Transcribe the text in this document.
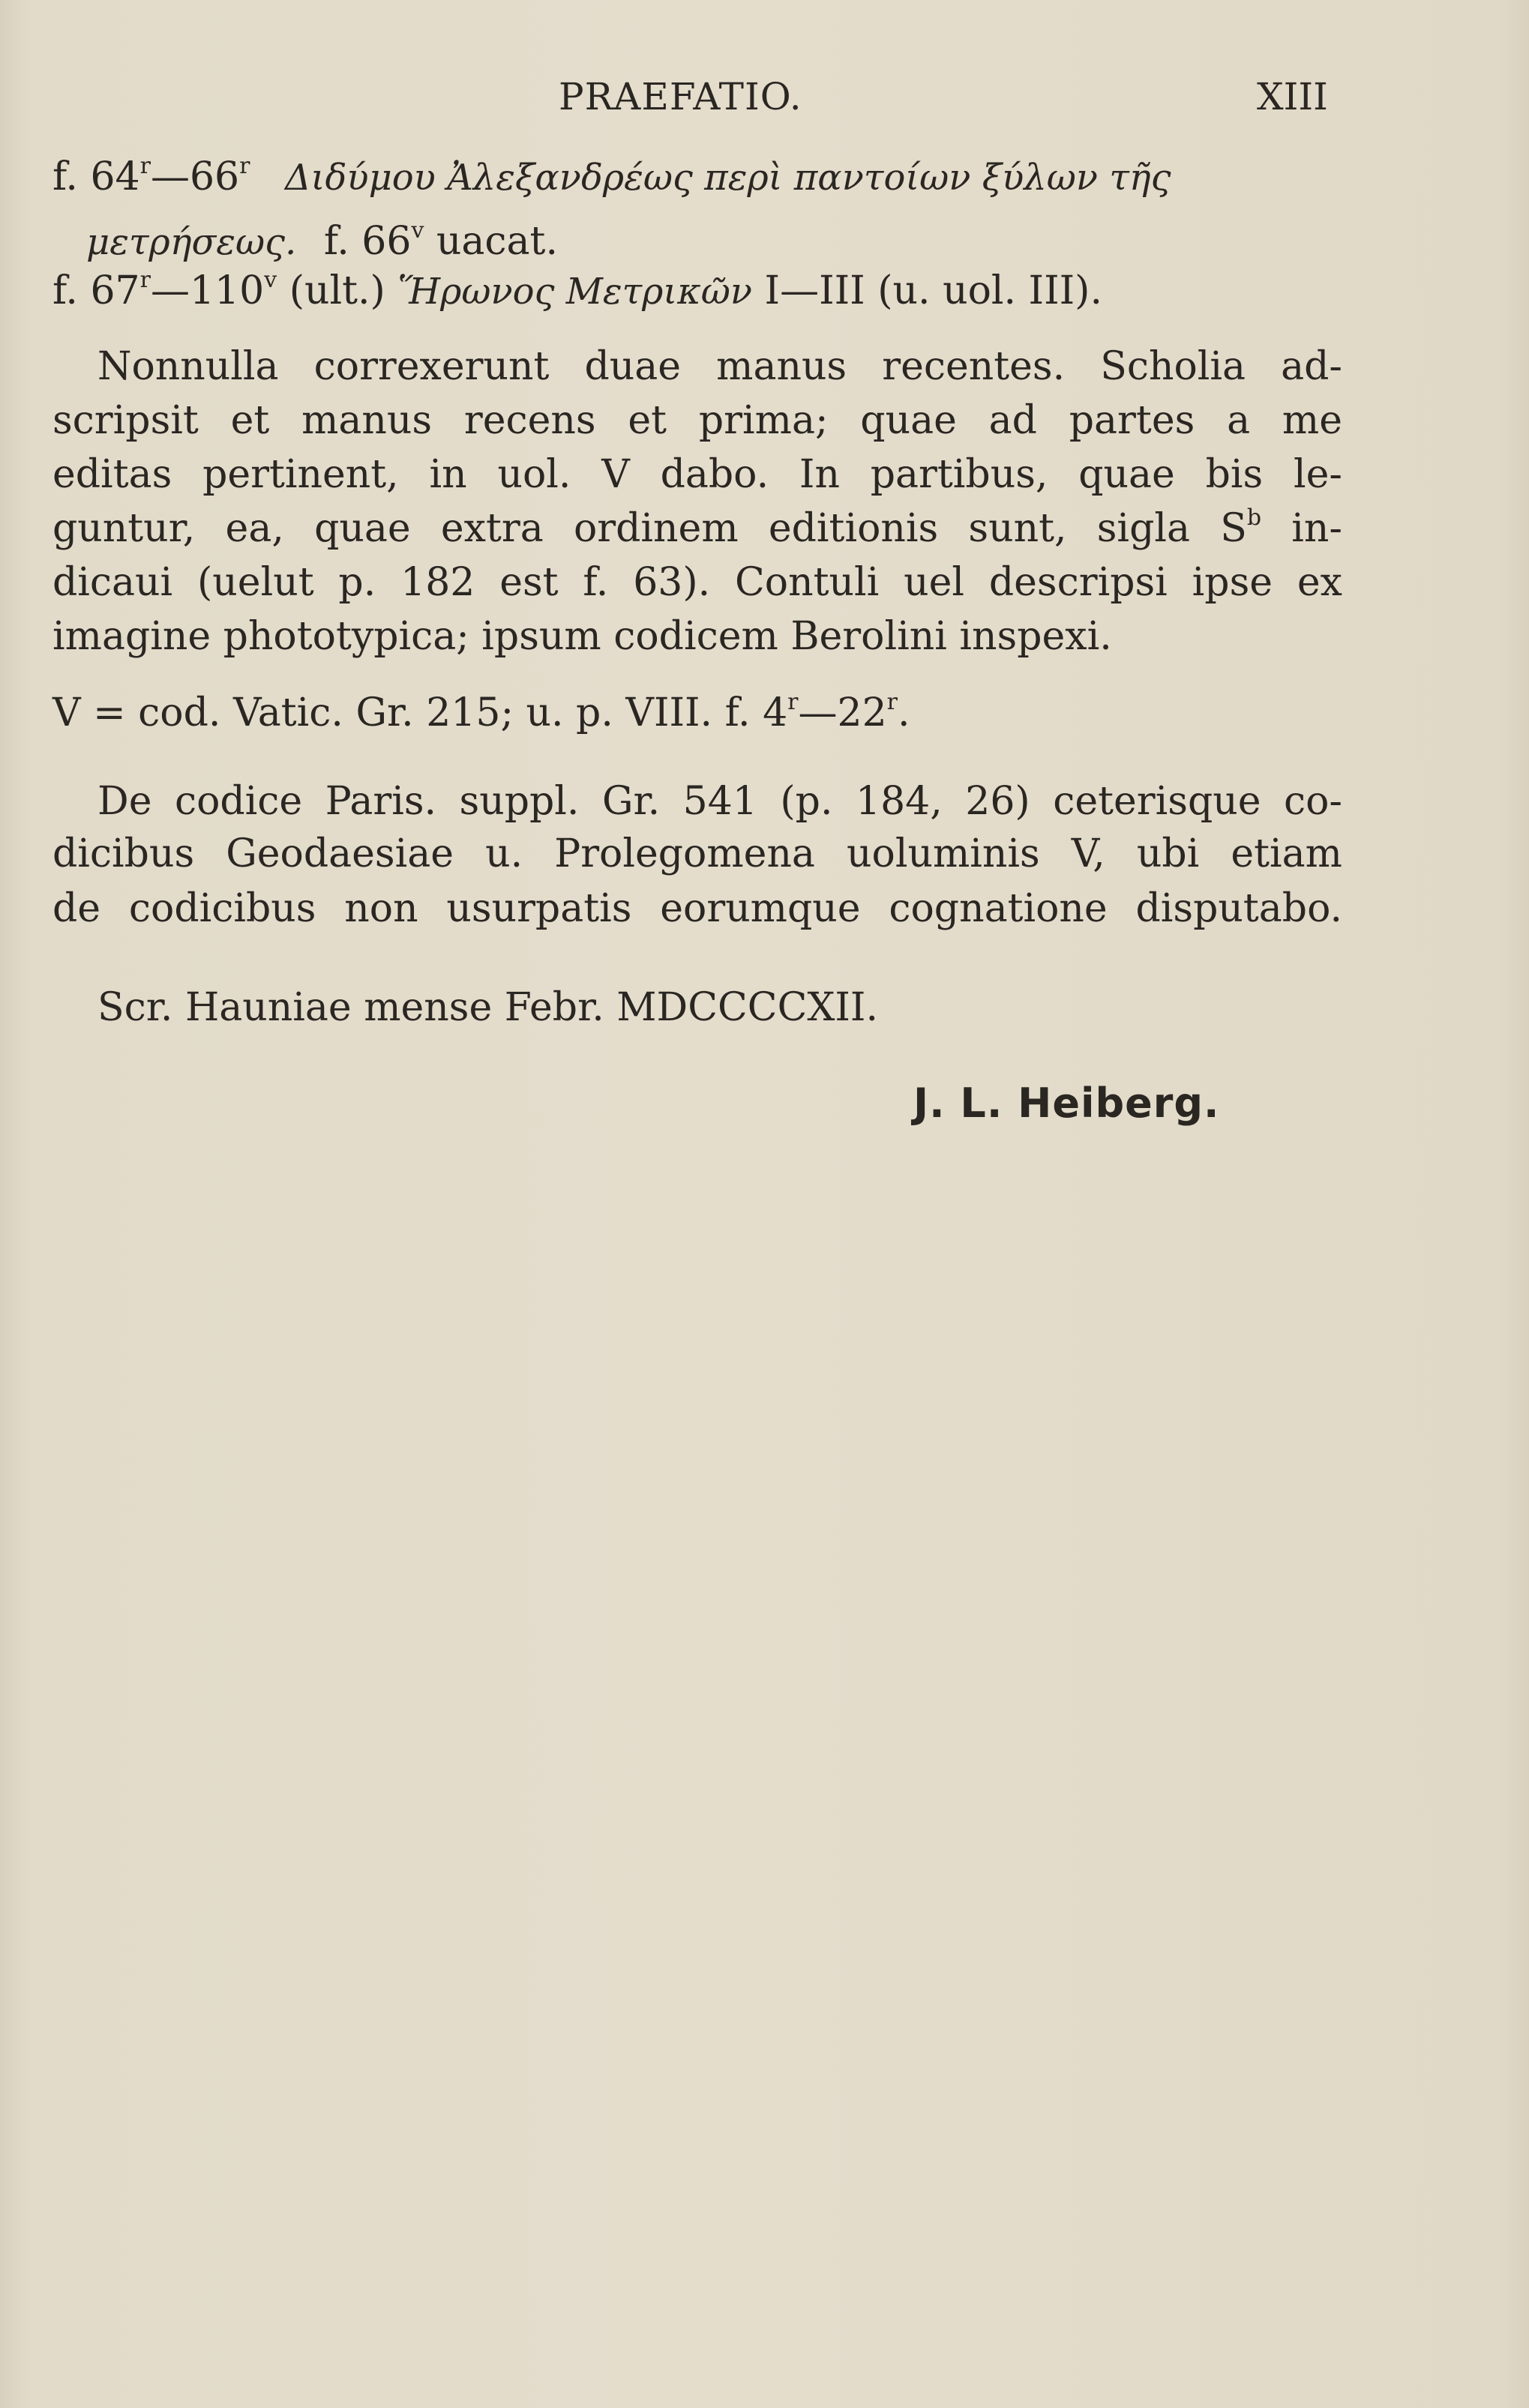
PRAEFATIO.	XIII
f. 64$^r$—66$^r$ Διδύμου Ἀλεξανδρέως περὶ παντοίων ξύλων τῆς
μετρήσεως. f. 66$^v$ uacat.
f. 67$^r$—110$^v$ (ult.) Ἥρωνος Μετρικῶν I—III (u. uol. III).
Nonnulla correxerunt duae manus recentes. Scholia ad-
scripsit et manus recens et prima; quae ad partes a me
editas pertinent, in uol. V dabo. In partibus, quae bis le-
guntur, ea, quae extra ordinem editionis sunt, sigla $S^b$ in-
dicaui (uelut p. 182 est f. 63). Contuli uel descripsi ipse ex
imagine phototypica; ipsum codicem Berolini inspexi.
V = cod. Vatic. Gr. 215; u. p. VIII. f. 4$^r$—22$^r$.
De codice Paris. suppl. Gr. 541 (p. 184, 26) ceterisque co-
dicibus Geodaesiae u. Prolegomena uoluminis V, ubi etiam
de codicibus non usurpatis eorumque cognatione disputabo.
Scr. Hauniae mense Febr. MDCCCCXII.
J. L. Heiberg.
